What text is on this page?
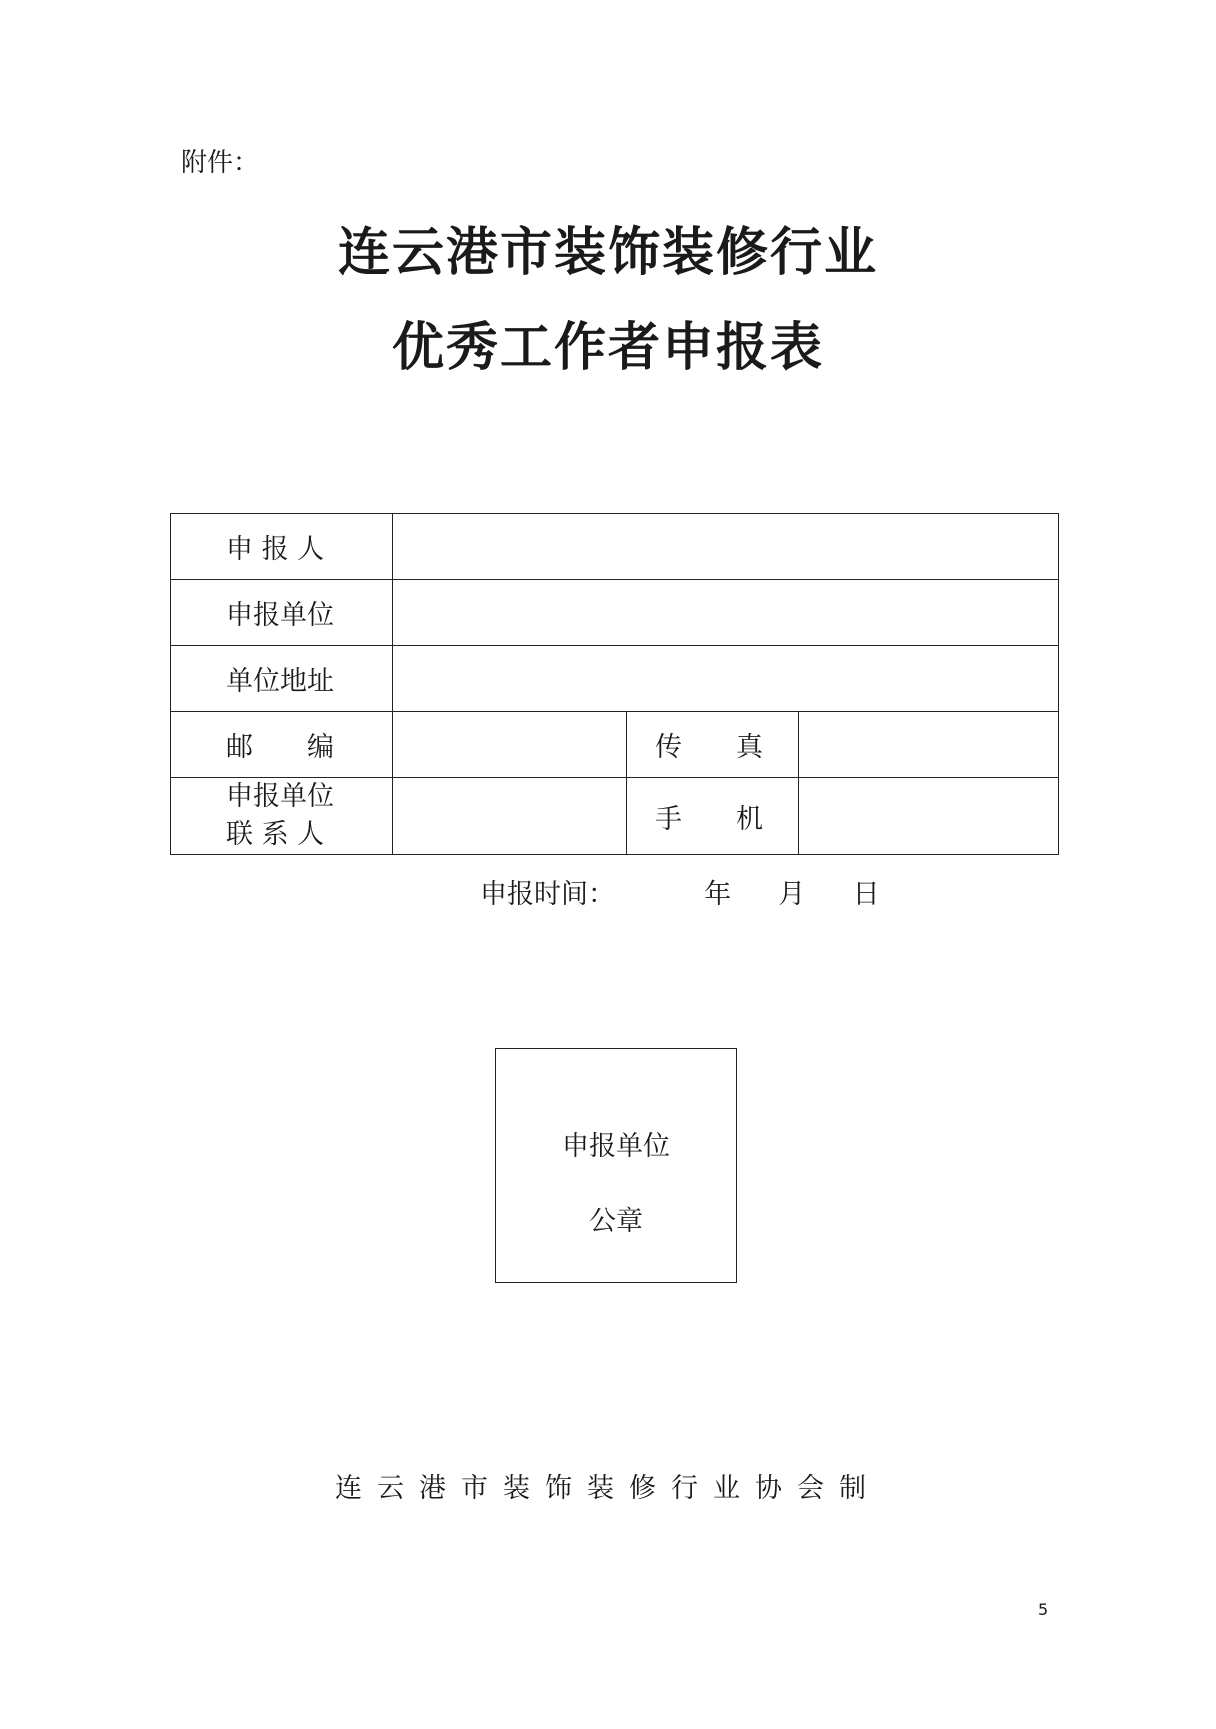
附件：
连云港市装饰装修行业
优秀工作者申报表
申 报 人			
申报单位			
单位地址			
邮　　编		传　　真	

申报单位
联 系 人		手　　机	
申报时间：	年 月 日
申报单位
公章
连云港市装饰装修行业协会制
5
